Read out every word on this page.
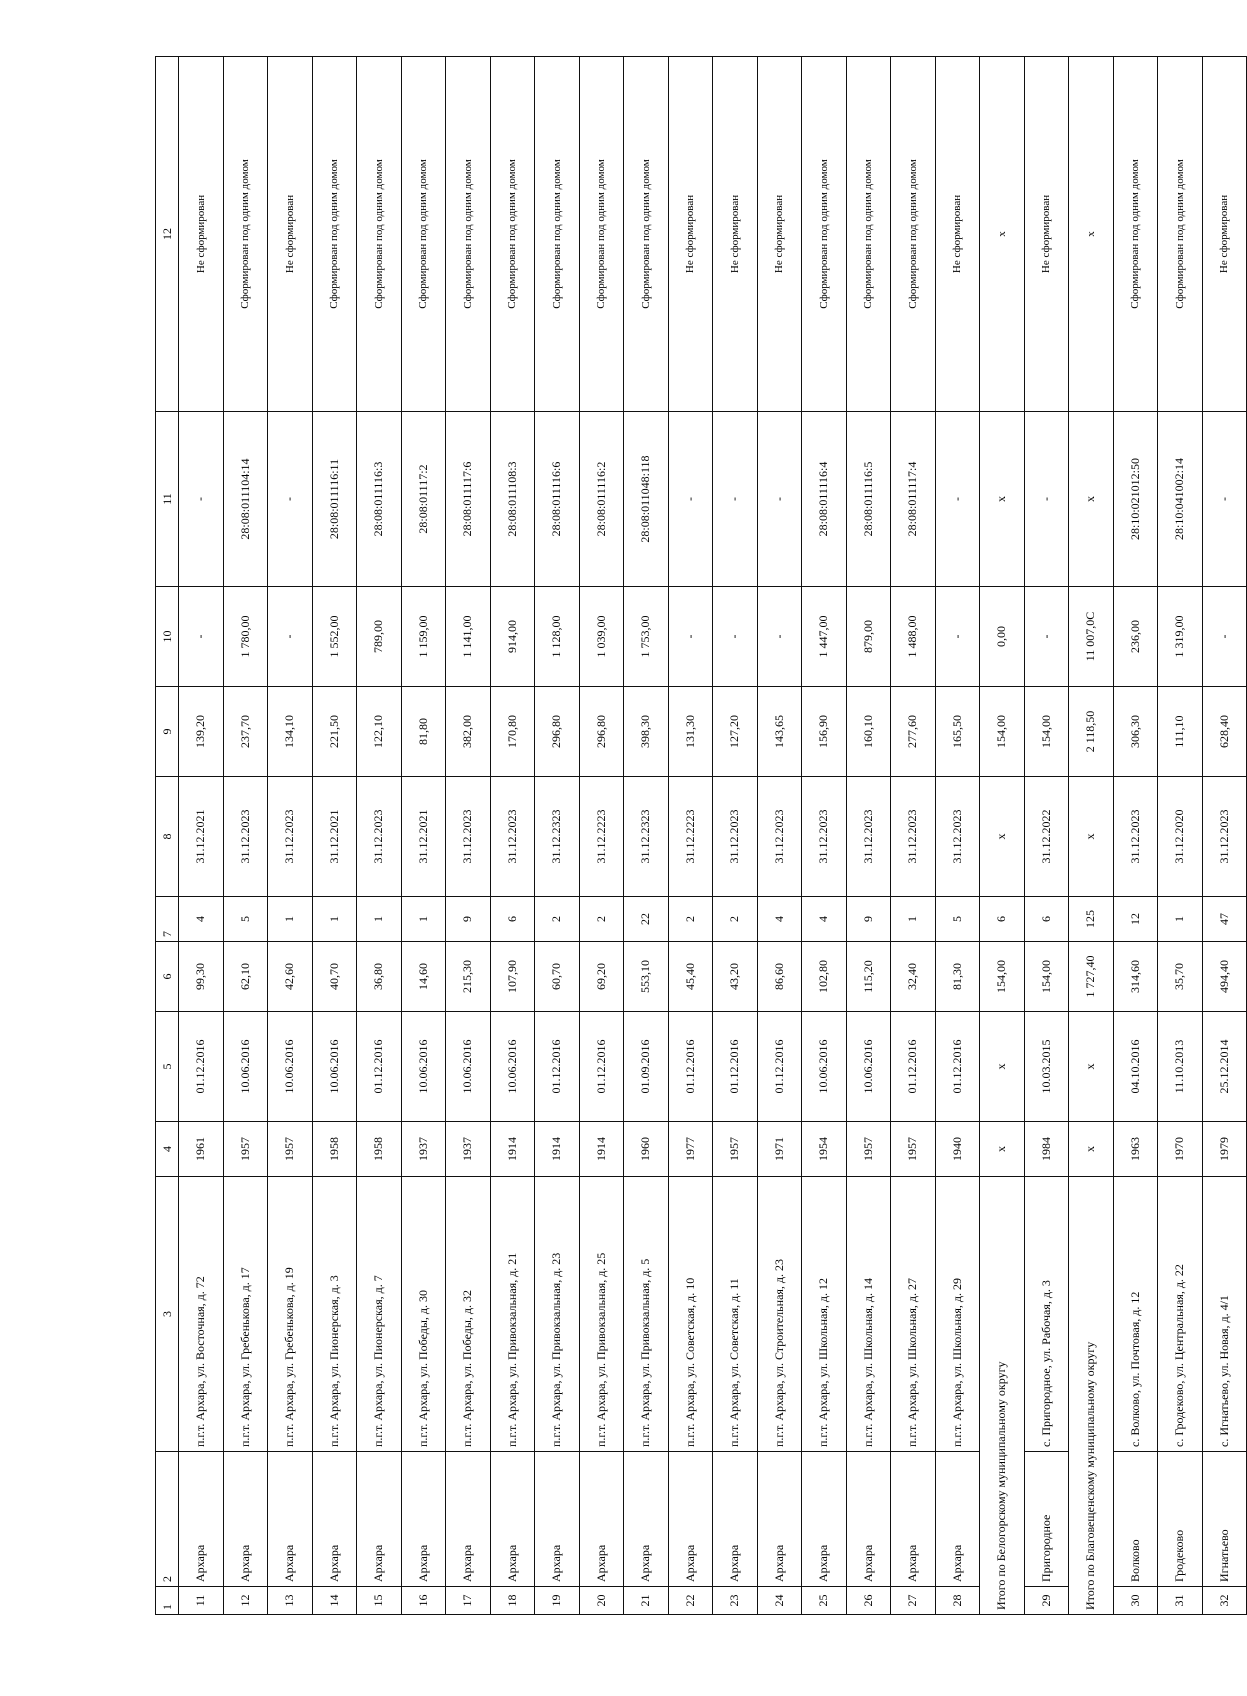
1	2	3	4	5	6	7	8	9	10	11	12
11	Архара	п.г.т. Архара, ул. Восточная, д. 72	1961	01.12.2016	99,30	4	31.12.2021	139,20	-	-	Не сформирован
12	Архара	п.г.т. Архара, ул. Гребенькова, д. 17	1957	10.06.2016	62,10	5	31.12.2023	237,70	1 780,00	28:08:011104:14	Сформирован под одним домом
13	Архара	п.г.т. Архара, ул. Гребенькова, д. 19	1957	10.06.2016	42,60	1	31.12.2023	134,10	-	-	Не сформирован
14	Архара	п.г.т. Архара, ул. Пионерская, д. 3	1958	10.06.2016	40,70	1	31.12.2021	221,50	1 552,00	28:08:011116:11	Сформирован под одним домом
15	Архара	п.г.т. Архара, ул. Пионерская, д. 7	1958	01.12.2016	36,80	1	31.12.2023	122,10	789,00	28:08:011116:3	Сформирован под одним домом
16	Архара	п.г.т. Архара, ул. Победы, д. 30	1937	10.06.2016	14,60	1	31.12.2021	81,80	1 159,00	28:08:01117:2	Сформирован под одним домом
17	Архара	п.г.т. Архара, ул. Победы, д. 32	1937	10.06.2016	215,30	9	31.12.2023	382,00	1 141,00	28:08:011117:6	Сформирован под одним домом
18	Архара	п.г.т. Архара, ул. Привокзальная, д. 21	1914	10.06.2016	107,90	6	31.12.2023	170,80	914,00	28:08:011108:3	Сформирован под одним домом
19	Архара	п.г.т. Архара, ул. Привокзальная, д. 23	1914	01.12.2016	60,70	2	31.12.2323	296,80	1 128,00	28:08:011116:6	Сформирован под одним домом
20	Архара	п.г.т. Архара, ул. Привокзальная, д. 25	1914	01.12.2016	69,20	2	31.12.2223	296,80	1 039,00	28:08:011116:2	Сформирован под одним домом
21	Архара	п.г.т. Архара, ул. Привокзальная, д. 5	1960	01.09.2016	553,10	22	31.12.2323	398,30	1 753,00	28:08:011048:118	Сформирован под одним домом
22	Архара	п.г.т. Архара, ул. Советская, д. 10	1977	01.12.2016	45,40	2	31.12.2223	131,30	-	-	Не сформирован
23	Архара	п.г.т. Архара, ул. Советская, д. 11	1957	01.12.2016	43,20	2	31.12.2023	127,20	-	-	Не сформирован
24	Архара	п.г.т. Архара, ул. Строительная, д. 23	1971	01.12.2016	86,60	4	31.12.2023	143,65	-	-	Не сформирован
25	Архара	п.г.т. Архара, ул. Школьная, д. 12	1954	10.06.2016	102,80	4	31.12.2023	156,90	1 447,00	28:08:011116:4	Сформирован под одним домом
26	Архара	п.г.т. Архара, ул. Школьная, д. 14	1957	10.06.2016	115,20	9	31.12.2023	160,10	879,00	28:08:011116:5	Сформирован под одним домом
27	Архара	п.г.т. Архара, ул. Школьная, д. 27	1957	01.12.2016	32,40	1	31.12.2023	277,60	1 488,00	28:08:011117:4	Сформирован под одним домом
28	Архара	п.г.т. Архара, ул. Школьная, д. 29	1940	01.12.2016	81,30	5	31.12.2023	165,50	-	-	Не сформирован
Итого по Белогорскому муниципальному округу			x	x	154,00	6	x	154,00	0,00	x	x
29	Пригородное	с. Пригородное, ул. Рабочая, д. 3	1984	10.03.2015	154,00	6	31.12.2022	154,00	-	-	Не сформирован
Итого по Благовещенскому муниципальному округу			x	x	1 727,40	125	x	2 118,50	11 007,0C	x	x
30	Волково	с. Волково, ул. Почтовая, д. 12	1963	04.10.2016	314,60	12	31.12.2023	306,30	236,00	28:10:021012:50	Сформирован под одним домом
31	Гродеково	с. Гродеково, ул. Центральная, д. 22	1970	11.10.2013	35,70	1	31.12.2020	111,10	1 319,00	28:10:041002:14	Сформирован под одним домом
32	Игнатьево	с. Игнатьево, ул. Новая, д. 4/1	1979	25.12.2014	494,40	47	31.12.2023	628,40	-	-	Не сформирован
